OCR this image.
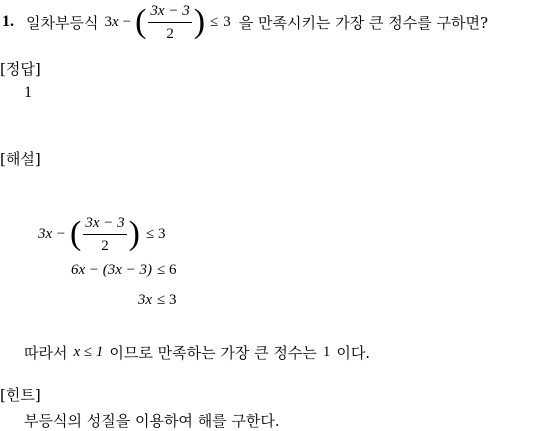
1. 일차부등식 3 x − ( $\frac{3x - 3}{2}$ ) ≤ 3 을 만족시키는 가장 큰 정수를 구하면?
[정답]
1
[해설]
3x − ( $\frac{3x - 3}{2}$ ) ≤ 3
6x − (3x − 3) ≤ 6
3x ≤ 3
따라서 x ≤ 1 이므로 만족하는 가장 큰 정수는 1 이다.
[힌트]
부등식의 성질을 이용하여 해를 구한다.
